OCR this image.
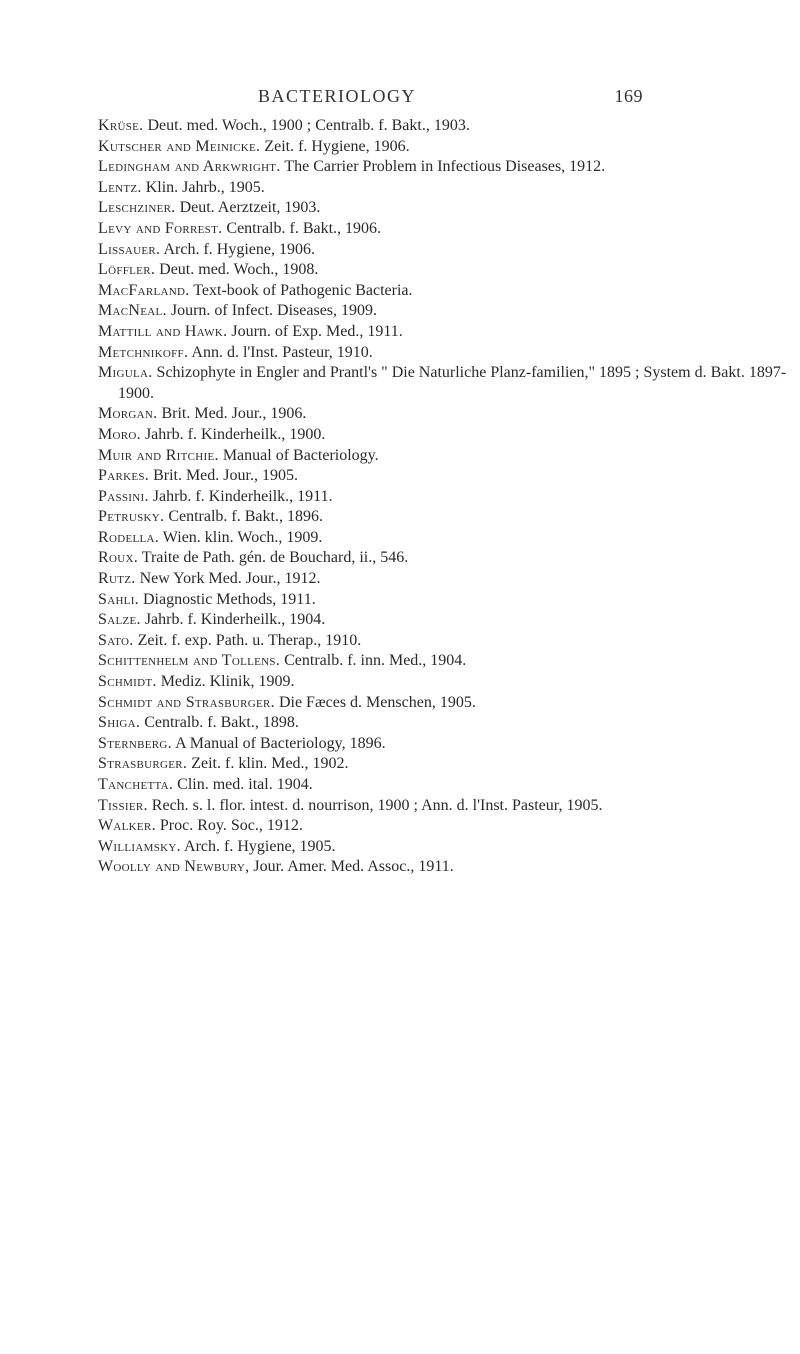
BACTERIOLOGY	169

Krüse. Deut. med. Woch., 1900 ; Centralb. f. Bakt., 1903.

Kutscher and Meinicke. Zeit. f. Hygiene, 1906.

Ledingham and Arkwright. The Carrier Problem in Infectious Diseases, 1912.

Lentz. Klin. Jahrb., 1905.

Leschziner. Deut. Aerztzeit, 1903.

Levy and Forrest. Centralb. f. Bakt., 1906.

Lissauer. Arch. f. Hygiene, 1906.

Löffler. Deut. med. Woch., 1908.

MacFarland. Text-book of Pathogenic Bacteria.

MacNeal. Journ. of Infect. Diseases, 1909.

Mattill and Hawk. Journ. of Exp. Med., 1911.

Metchnikoff. Ann. d. l'Inst. Pasteur, 1910.

Migula. Schizophyte in Engler and Prantl's " Die Naturliche Planz-familien," 1895 ; System d. Bakt. 1897-1900.

Morgan. Brit. Med. Jour., 1906.

Moro. Jahrb. f. Kinderheilk., 1900.

Muir and Ritchie. Manual of Bacteriology.

Parkes. Brit. Med. Jour., 1905.

Passini. Jahrb. f. Kinderheilk., 1911.

Petrusky. Centralb. f. Bakt., 1896.

Rodella. Wien. klin. Woch., 1909.

Roux. Traite de Path. gén. de Bouchard, ii., 546.

Rutz. New York Med. Jour., 1912.

Sahli. Diagnostic Methods, 1911.

Salze. Jahrb. f. Kinderheilk., 1904.

Sato. Zeit. f. exp. Path. u. Therap., 1910.

Schittenhelm and Tollens. Centralb. f. inn. Med., 1904.

Schmidt. Mediz. Klinik, 1909.

Schmidt and Strasburger. Die Fæces d. Menschen, 1905.

Shiga. Centralb. f. Bakt., 1898.

Sternberg. A Manual of Bacteriology, 1896.

Strasburger. Zeit. f. klin. Med., 1902.

Tanchetta. Clin. med. ital. 1904.

Tissier. Rech. s. l. flor. intest. d. nourrison, 1900 ; Ann. d. l'Inst. Pasteur, 1905.

Walker. Proc. Roy. Soc., 1912.

Williamsky. Arch. f. Hygiene, 1905.

Woolly and Newbury, Jour. Amer. Med. Assoc., 1911.
